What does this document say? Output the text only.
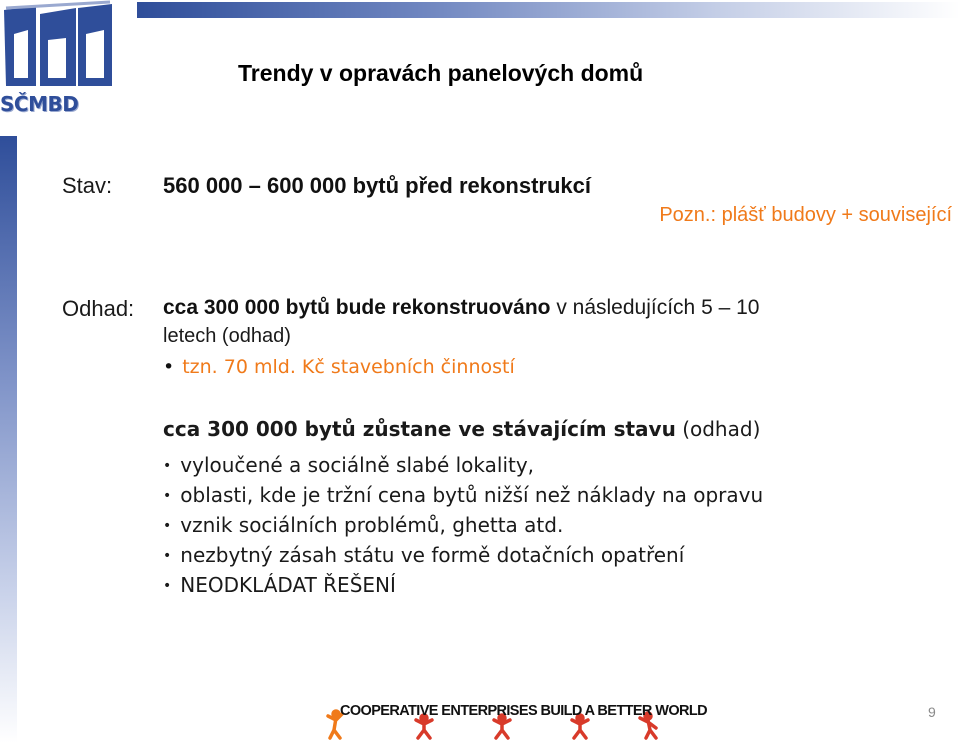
SČMBD
Trendy v opravách panelových domů
Stav: 560 000 – 600 000 bytů před rekonstrukcí
Pozn.: plášť budovy + související
Odhad: cca 300 000 bytů bude rekonstruováno v následujících 5 – 10
letech (odhad)
• tzn. 70 mld. Kč stavebních činností
cca 300 000 bytů zůstane ve stávajícím stavu (odhad)
• vyloučené a sociálně slabé lokality,
• oblasti, kde je tržní cena bytů nižší než náklady na opravu
• vznik sociálních problémů, ghetta atd.
• nezbytný zásah státu ve formě dotačních opatření
• NEODKLÁDAT ŘEŠENÍ
COOPERATIVE ENTERPRISES BUILD A BETTER WORLD	9
